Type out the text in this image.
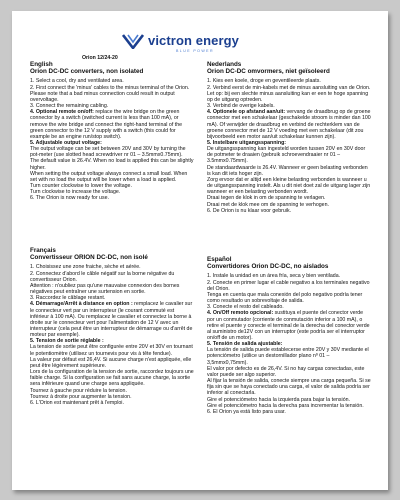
Orion 12/24-20
victron energy
BLUE POWER

English

Orion DC-DC converters, non isolated

1. Select a cool, dry and ventilated area.

2. First connect the 'minus' cables to the minus terminal of the Orion.

Please note that a bad minus connection could result in output overvoltage.

3. Connect the remaining cabling.

4. Optional remote on/off: replace the wire bridge on the green connector by a switch (switched current is less than 100 mA), or remove the wire bridge and connect the right-hand terminal of the green connector to the 12 V supply with a switch (this could for example be an engine run/stop switch).

5. Adjustable output voltage:

The output voltage can be set between 20V and 30V by turning the pot-meter (use slotted head screwdriver nr 01 – 3.5mmx0.75mm).

The default value is 26.4V. When no load is applied this can be slightly higher.

When setting the output voltage always connect a small load. When set with no load the output will be lower when a load is applied.

Turn counter clockwise to lower the voltage.

Turn clockwise to increase the voltage.

6. The Orion is now ready for use.

Nederlands

Orion DC-DC omvormers, niet geïsoleerd

1. Kies een koele, droge en geventileerde plaats.

2. Verbind eerst de min-kabels met de minus aansluiting van de Orion.

Let op: bij een slechte minus aansluiting kan er een te hoge spanning op de uitgang optreden.

3. Verbind de overige kabels.

4. Optionele op afstand aan/uit: vervang de draadbrug op de groene connector met een schakelaar (geschakelde stroom is minder dan 100 mA). Of verwijder de draadbrug en verbind de rechterklem van de groene connector met de 12 V voeding met een schakelaar (dit zou bijvoorbeeld een motor aan/uit schakelaar kunnen zijn).

5. Instelbare uitgangsspanning:

De uitgangsspanning kan ingesteld worden tussen 20V en 30V door de potmeter te draaien (gebruik schroevendraaier nr 01 – 3.5mmx0.75mm).

De standaardwaarde is 26.4V. Wanneer er geen belasting verbonden is kan dit iets hoger zijn.

Zorg ervoor dat er altijd een kleine belasting verbonden is wanneer u de uitgangsspanning instelt. Als u dit niet doet zal de uitgang lager zijn wanneer er een belasting verbonden wordt.

Draai tegen de klok in om de spanning te verlagen.

Draai met de klok mee om de spanning te verhogen.

6. De Orion is nu klaar voor gebruik.

Français

Convertisseur ORION DC-DC, non isolé

1. Choisissez une zone fraiche, sèche et aérée.

2. Connectez d'abord le câble négatif sur la borne négative du convertisseur Orion.

Attention : n'oubliez pas qu'une mauvaise connexion des bornes négatives peut entraîner une surtension en sortie.

3. Raccordez le câblage restant.

4. Démarrage/Arrêt à distance en option : remplacez le cavalier sur le connecteur vert par un interrupteur (le courant commuté est inférieur à 100 mA). Ou remplacez le cavalier et connectez la borne à droite sur le connecteur vert pour l'alimentation de 12 V avec un interrupteur (cela peut être un interrupteur de démarrage ou d'arrêt de moteur par exemple).

5. Tension de sortie réglable :

La tension de sortie peut être configurée entre 20V et 30V en tournant le potentiomètre (utilisez un tournevis pour vis à tête fendue).

La valeur par défaut est 26,4V. Si aucune charge n'est appliquée, elle peut être légèrement supérieure.

Lors de la configuration de la tension de sortie, raccordez toujours une faible charge. Si la configuration se fait sans aucune charge, la sortie sera inférieure quand une charge sera appliquée.

Tournez à gauche pour réduire la tension.

Tournez à droite pour augmenter la tension.

6. L'Orion est maintenant prêt à l'emploi.

Español

Convertidores Orion DC-DC, no aislados

1. Instale la unidad en un área fría, seca y bien ventilada.

2. Conecte en primer lugar el cable negativo a los terminales negativo del Orion.

Tenga en cuenta que mala conexión del polo negativo podría tener como resultado un sobrevoltaje de salida.

3. Conecte el resto del cableado.

4. On/Off remoto opcional: sustituya el puente del conector verde por un conmutador (corriente de conmutación inferior a 100 mA), o retire el puente y conecte el terminal de la derecha del conector verde al suministro de12V con un interruptor (este podría ser el interruptor on/off de un motor).

5. Tensión de salida ajustable:

La tensión de salida puede establecerse entre 20V y 30V mediante el potenciómetro (utilice un destornillador plano nº 01 – 3,5mmx0,75mm).

El valor por defecto es de 26,4V. Si no hay cargas conectadas, este valor puede ser algo superior.

Al fijar la tensión de salida, conecte siempre una carga pequeña. Si se fija sin que se haya conectado una carga, el valor de salida podría ser inferior al conectarla.

Gire el potenciómetro hacia la izquierda para bajar la tensión.

Gire el potenciómetro hacia la derecha para incrementar la tensión.

6. El Orion ya está listo para usar.
